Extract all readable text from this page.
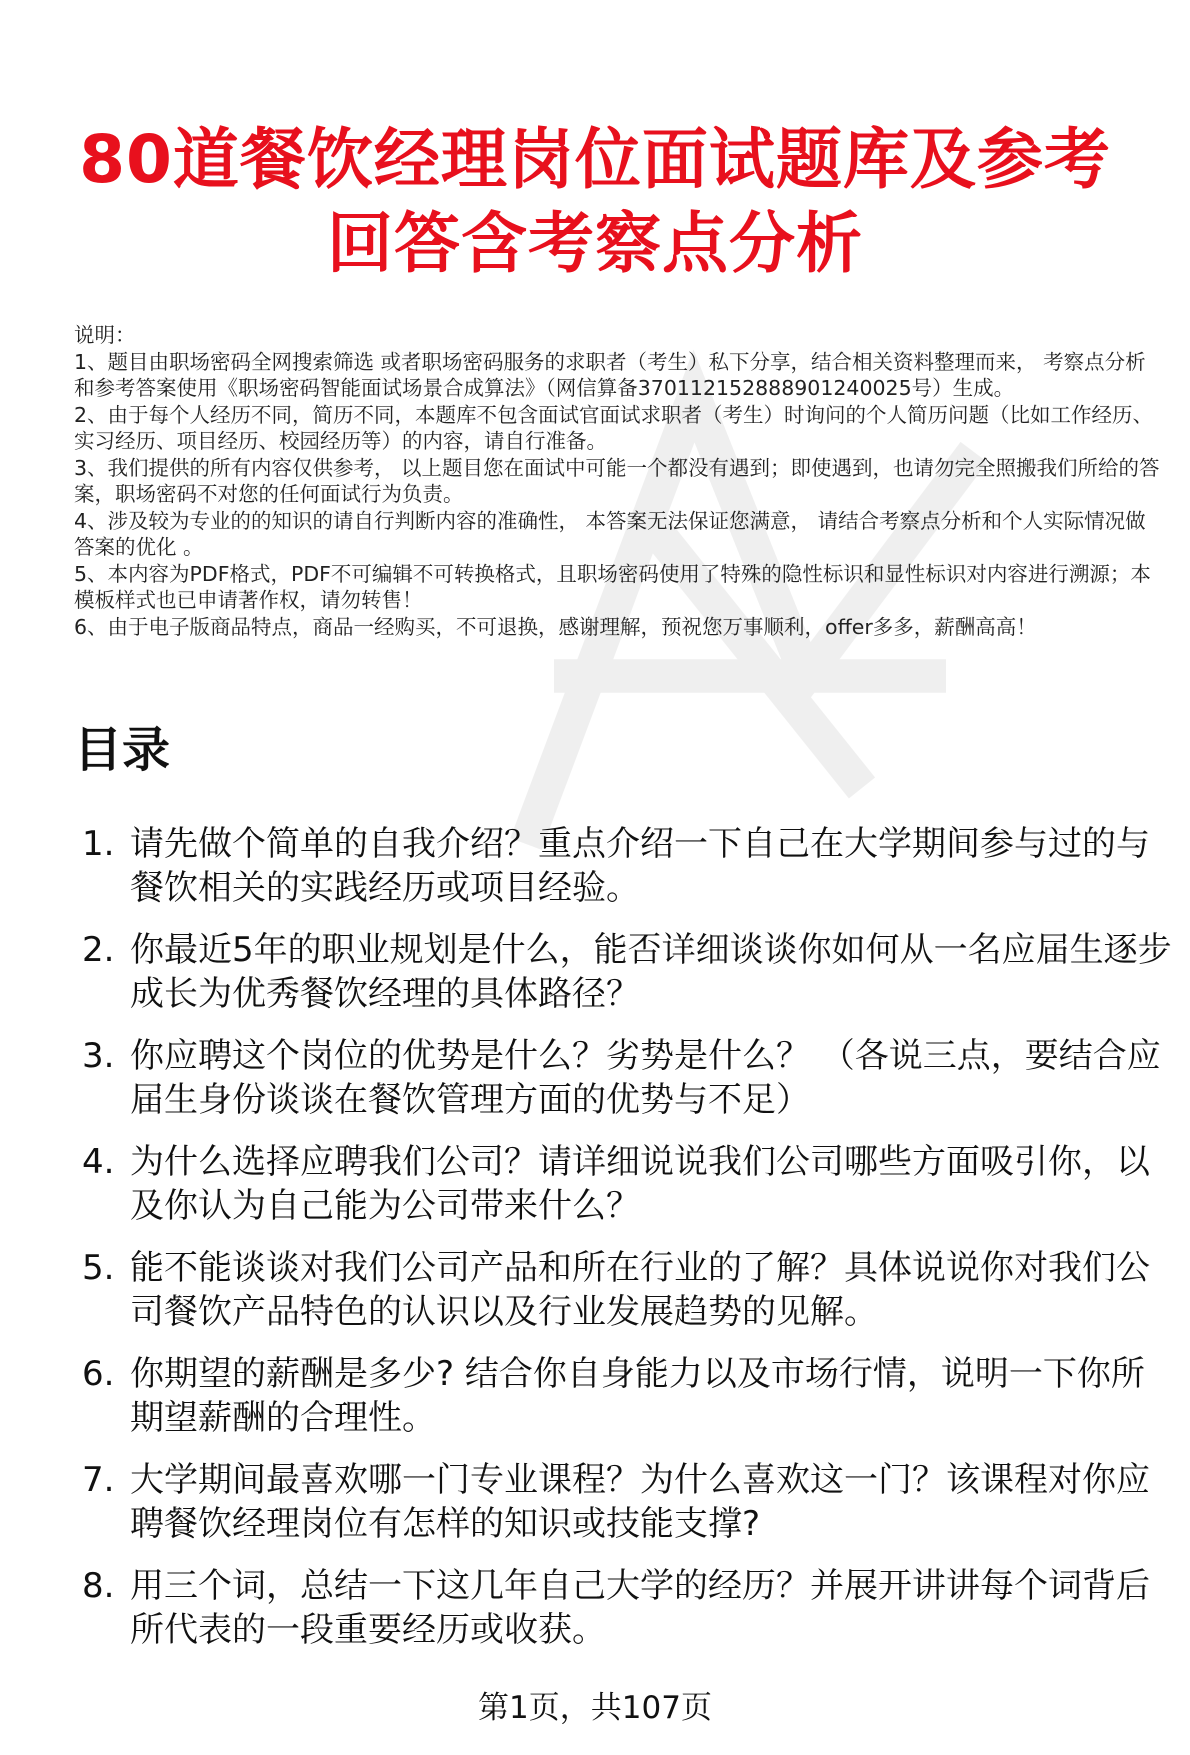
80道餐饮经理岗位面试题库及参考回答含考察点分析
说明：
1、题目由职场密码全网搜索筛选 或者职场密码服务的求职者（考生）私下分享，结合相关资料整理而来， 考察点分析和参考答案使用《职场密码智能面试场景合成算法》（网信算备370112152888901240025号）生成。
2、由于每个人经历不同，简历不同，本题库不包含面试官面试求职者（考生）时询问的个人简历问题（比如工作经历、实习经历、项目经历、校园经历等）的内容，请自行准备。
3、我们提供的所有内容仅供参考， 以上题目您在面试中可能一个都没有遇到；即使遇到，也请勿完全照搬我们所给的答案，职场密码不对您的任何面试行为负责。
4、涉及较为专业的的知识的请自行判断内容的准确性， 本答案无法保证您满意， 请结合考察点分析和个人实际情况做答案的优化 。
5、本内容为PDF格式，PDF不可编辑不可转换格式，且职场密码使用了特殊的隐性标识和显性标识对内容进行溯源；本模板样式也已申请著作权，请勿转售！
6、由于电子版商品特点，商品一经购买，不可退换，感谢理解，预祝您万事顺利，offer多多，薪酬高高！
目录
1. 请先做个简单的自我介绍？重点介绍一下自己在大学期间参与过的与餐饮相关的实践经历或项目经验。
2. 你最近5年的职业规划是什么，能否详细谈谈你如何从一名应届生逐步成长为优秀餐饮经理的具体路径？
3. 你应聘这个岗位的优势是什么？劣势是什么？ （各说三点，要结合应届生身份谈谈在餐饮管理方面的优势与不足）
4. 为什么选择应聘我们公司？请详细说说我们公司哪些方面吸引你，以及你认为自己能为公司带来什么？
5. 能不能谈谈对我们公司产品和所在行业的了解？具体说说你对我们公司餐饮产品特色的认识以及行业发展趋势的见解。
6. 你期望的薪酬是多少? 结合你自身能力以及市场行情，说明一下你所期望薪酬的合理性。
7. 大学期间最喜欢哪一门专业课程？为什么喜欢这一门？该课程对你应聘餐饮经理岗位有怎样的知识或技能支撑?
8. 用三个词，总结一下这几年自己大学的经历？并展开讲讲每个词背后所代表的一段重要经历或收获。
第1页，共107页
